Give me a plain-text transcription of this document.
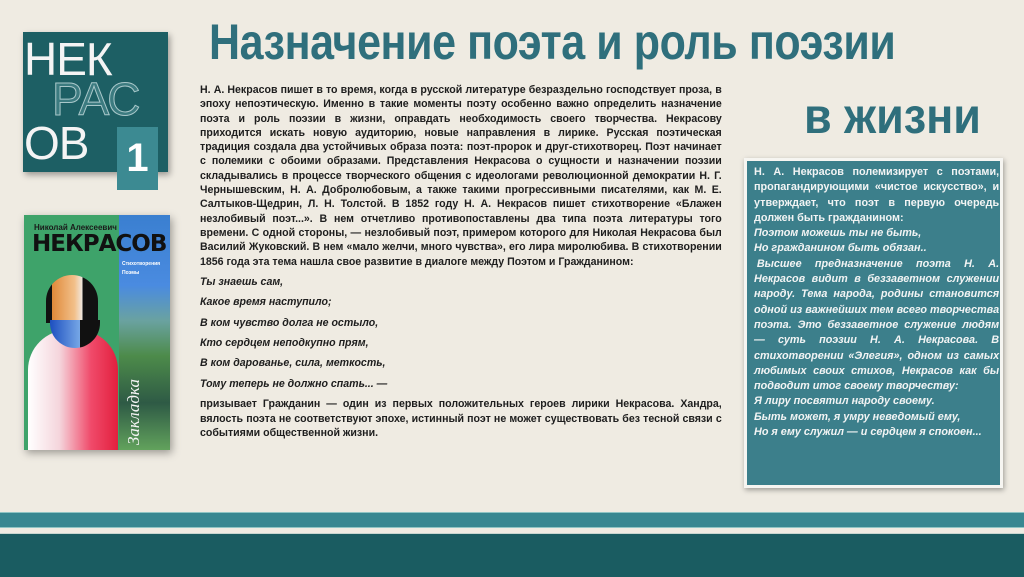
НЕК
РАС
ОВ 1
Николай Алексеевич
НЕКРАСОВ
Стихотворения
Поэмы
Закладка
Назначение поэта и роль поэзии
в жизни

Н. А. Некрасов пишет в то время, когда в русской литературе безраздельно господствует проза, в эпоху непоэтическую. Именно в такие моменты поэту особенно важно определить назначение поэта и роль поэзии в жизни, оправдать необходимость своего творчества. Некрасову приходится искать новую аудиторию, новые направления в лирике. Русская поэтическая традиция создала два устойчивых образа поэта: поэт-пророк и друг-стихотворец. Поэт начинает с полемики с обоими образами. Представления Некрасова о сущности и назначении поэзии складывались в процессе творческого общения с идеологами революционной демократии Н. Г. Чернышевским, Н. А. Добролюбовым, а также такими прогрессивными писателями, как М. Е. Салтыков-Щедрин, Л. Н. Толстой. В 1852 году Н. А. Некрасов пишет стихотворение «Блажен незлобивый поэт...». В нем отчетливо противопоставлены два типа поэта литературы того времени. С одной стороны, — незлобивый поэт, примером которого для Николая Некрасова был Василий Жуковский. В нем «мало желчи, много чувства», его лира миролюбива. В стихотворении 1856 года эта тема нашла свое развитие в диалоге между Поэтом и Гражданином:

Ты знаешь сам,

Какое время наступило;

В ком чувство долга не остыло,

Кто сердцем неподкупно прям,

В ком дарованье, сила, меткость,

Тому теперь не должно спать... —

призывает Гражданин — один из первых положительных героев лирики Некрасова. Хандра, вялость поэта не соответствуют эпохе, истинный поэт не может существовать без тесной связи с событиями общественной жизни.

Н. А. Некрасов полемизирует с поэтами, пропагандирующими «чистое искусство», и утверждает, что поэт в первую очередь должен быть гражданином:

Поэтом можешь ты не быть,

Но гражданином быть обязан..

Высшее предназначение поэта Н. А. Некрасов видит в беззаветном служении народу. Тема народа, родины становится одной из важнейших тем всего творчества поэта. Это беззаветное служение людям — суть поэзии Н. А. Некрасова. В стихотворении «Элегия», одном из самых любимых своих стихов, Некрасов как бы подводит итог своему творчеству:

Я лиру посвятил народу своему.

Быть может, я умру неведомый ему,

Но я ему служил — и сердцем я спокоен...
